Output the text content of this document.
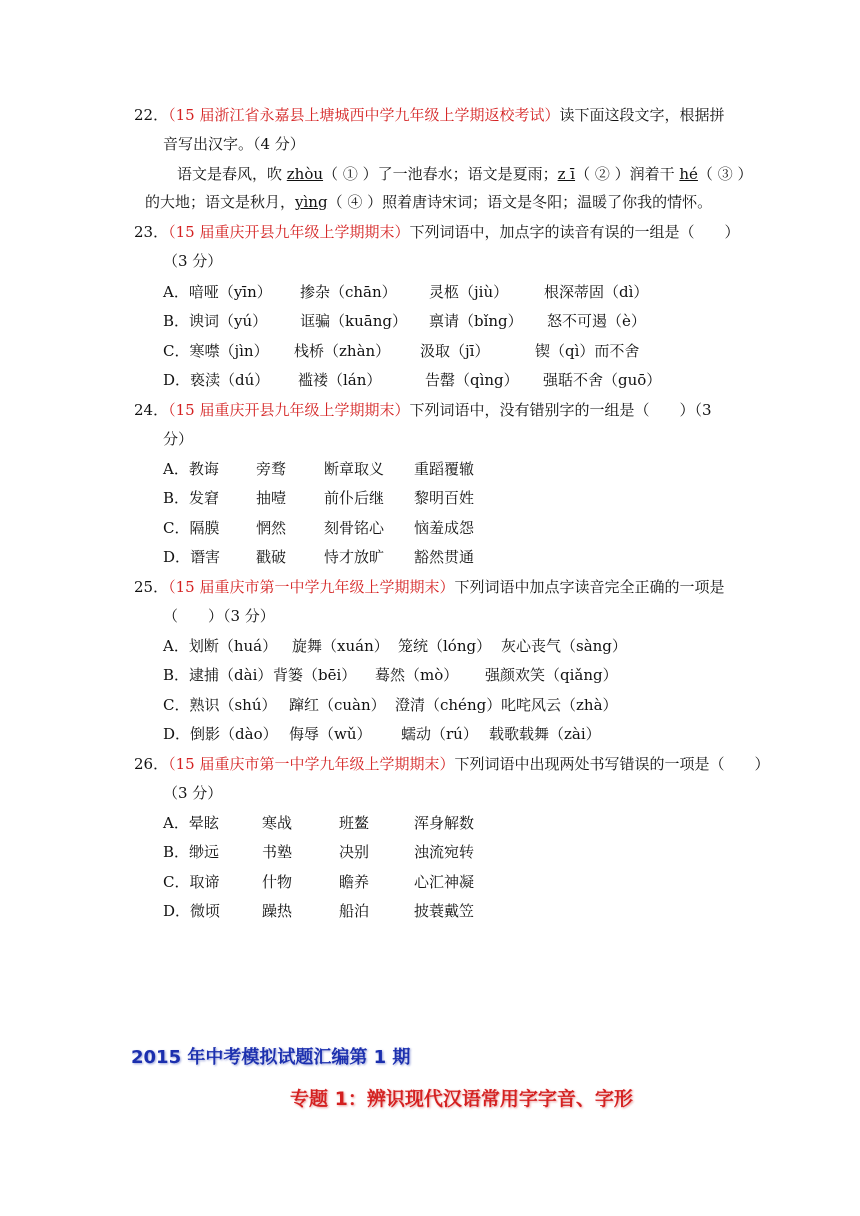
22．（15 届浙江省永嘉县上塘城西中学九年级上学期返校考试）读下面这段文字，根据拼
音写出汉字。（4 分）
语文是春风，吹 zhòu（ ① ）了一池春水；语文是夏雨；z ī（ ② ）润着干 hé（ ③ ）
的大地；语文是秋月，yìng（ ④ ）照着唐诗宋词；语文是冬阳；温暖了你我的情怀。
23．（15 届重庆开县九年级上学期期末）下列词语中，加点字的读音有误的一组是（　　）
（3 分）
A．喑哑（yīn） 掺杂（chān） 灵柩（jiù） 根深蒂固（dì）
B．谀词（yú） 诓骗（kuāng） 禀请（bǐng） 怒不可遏（è）
C．寒噤（jìn） 栈桥（zhàn） 汲取（jī）	锲（qì）而不舍
D．亵渎（dú） 褴褛（lán）	告罄（qìng） 强聒不舍（guō）
24．（15 届重庆开县九年级上学期期末）下列词语中，没有错别字的一组是（　　）（3
分）
A．教诲 旁骛	断章取义 重蹈覆辙
B．发窘 抽噎	前仆后继 黎明百姓
C．隔膜 惘然	刻骨铭心 恼羞成怨
D．谮害 戳破	恃才放旷 豁然贯通
25．（15 届重庆市第一中学九年级上学期期末）下列词语中加点字读音完全正确的一项是
（　　）（3 分）
A．划断（huá） 旋舞（xuán） 笼统（lóng） 灰心丧气（sàng）
B．逮捕（dài） 背篓（bēi） 蓦然（mò） 强颜欢笑（qiǎng）
C．熟识（shú） 蹿红（cuàn） 澄清（chéng） 叱咤风云（zhà）
D．倒影（dào） 侮辱（wǔ） 蠕动（rú） 载歌载舞（zài）
26．（15 届重庆市第一中学九年级上学期期末）下列词语中出现两处书写错误的一项是（　　）
（3 分）
A．晕眩	寒战	班鳌	浑身解数
B．缈远	书塾	决别	浊流宛转
C．取谛	什物	瞻养	心汇神凝
D．微顷	躁热	船泊	披蓑戴笠
2015 年中考模拟试题汇编第 1 期
专题 1：辨识现代汉语常用字字音、字形
